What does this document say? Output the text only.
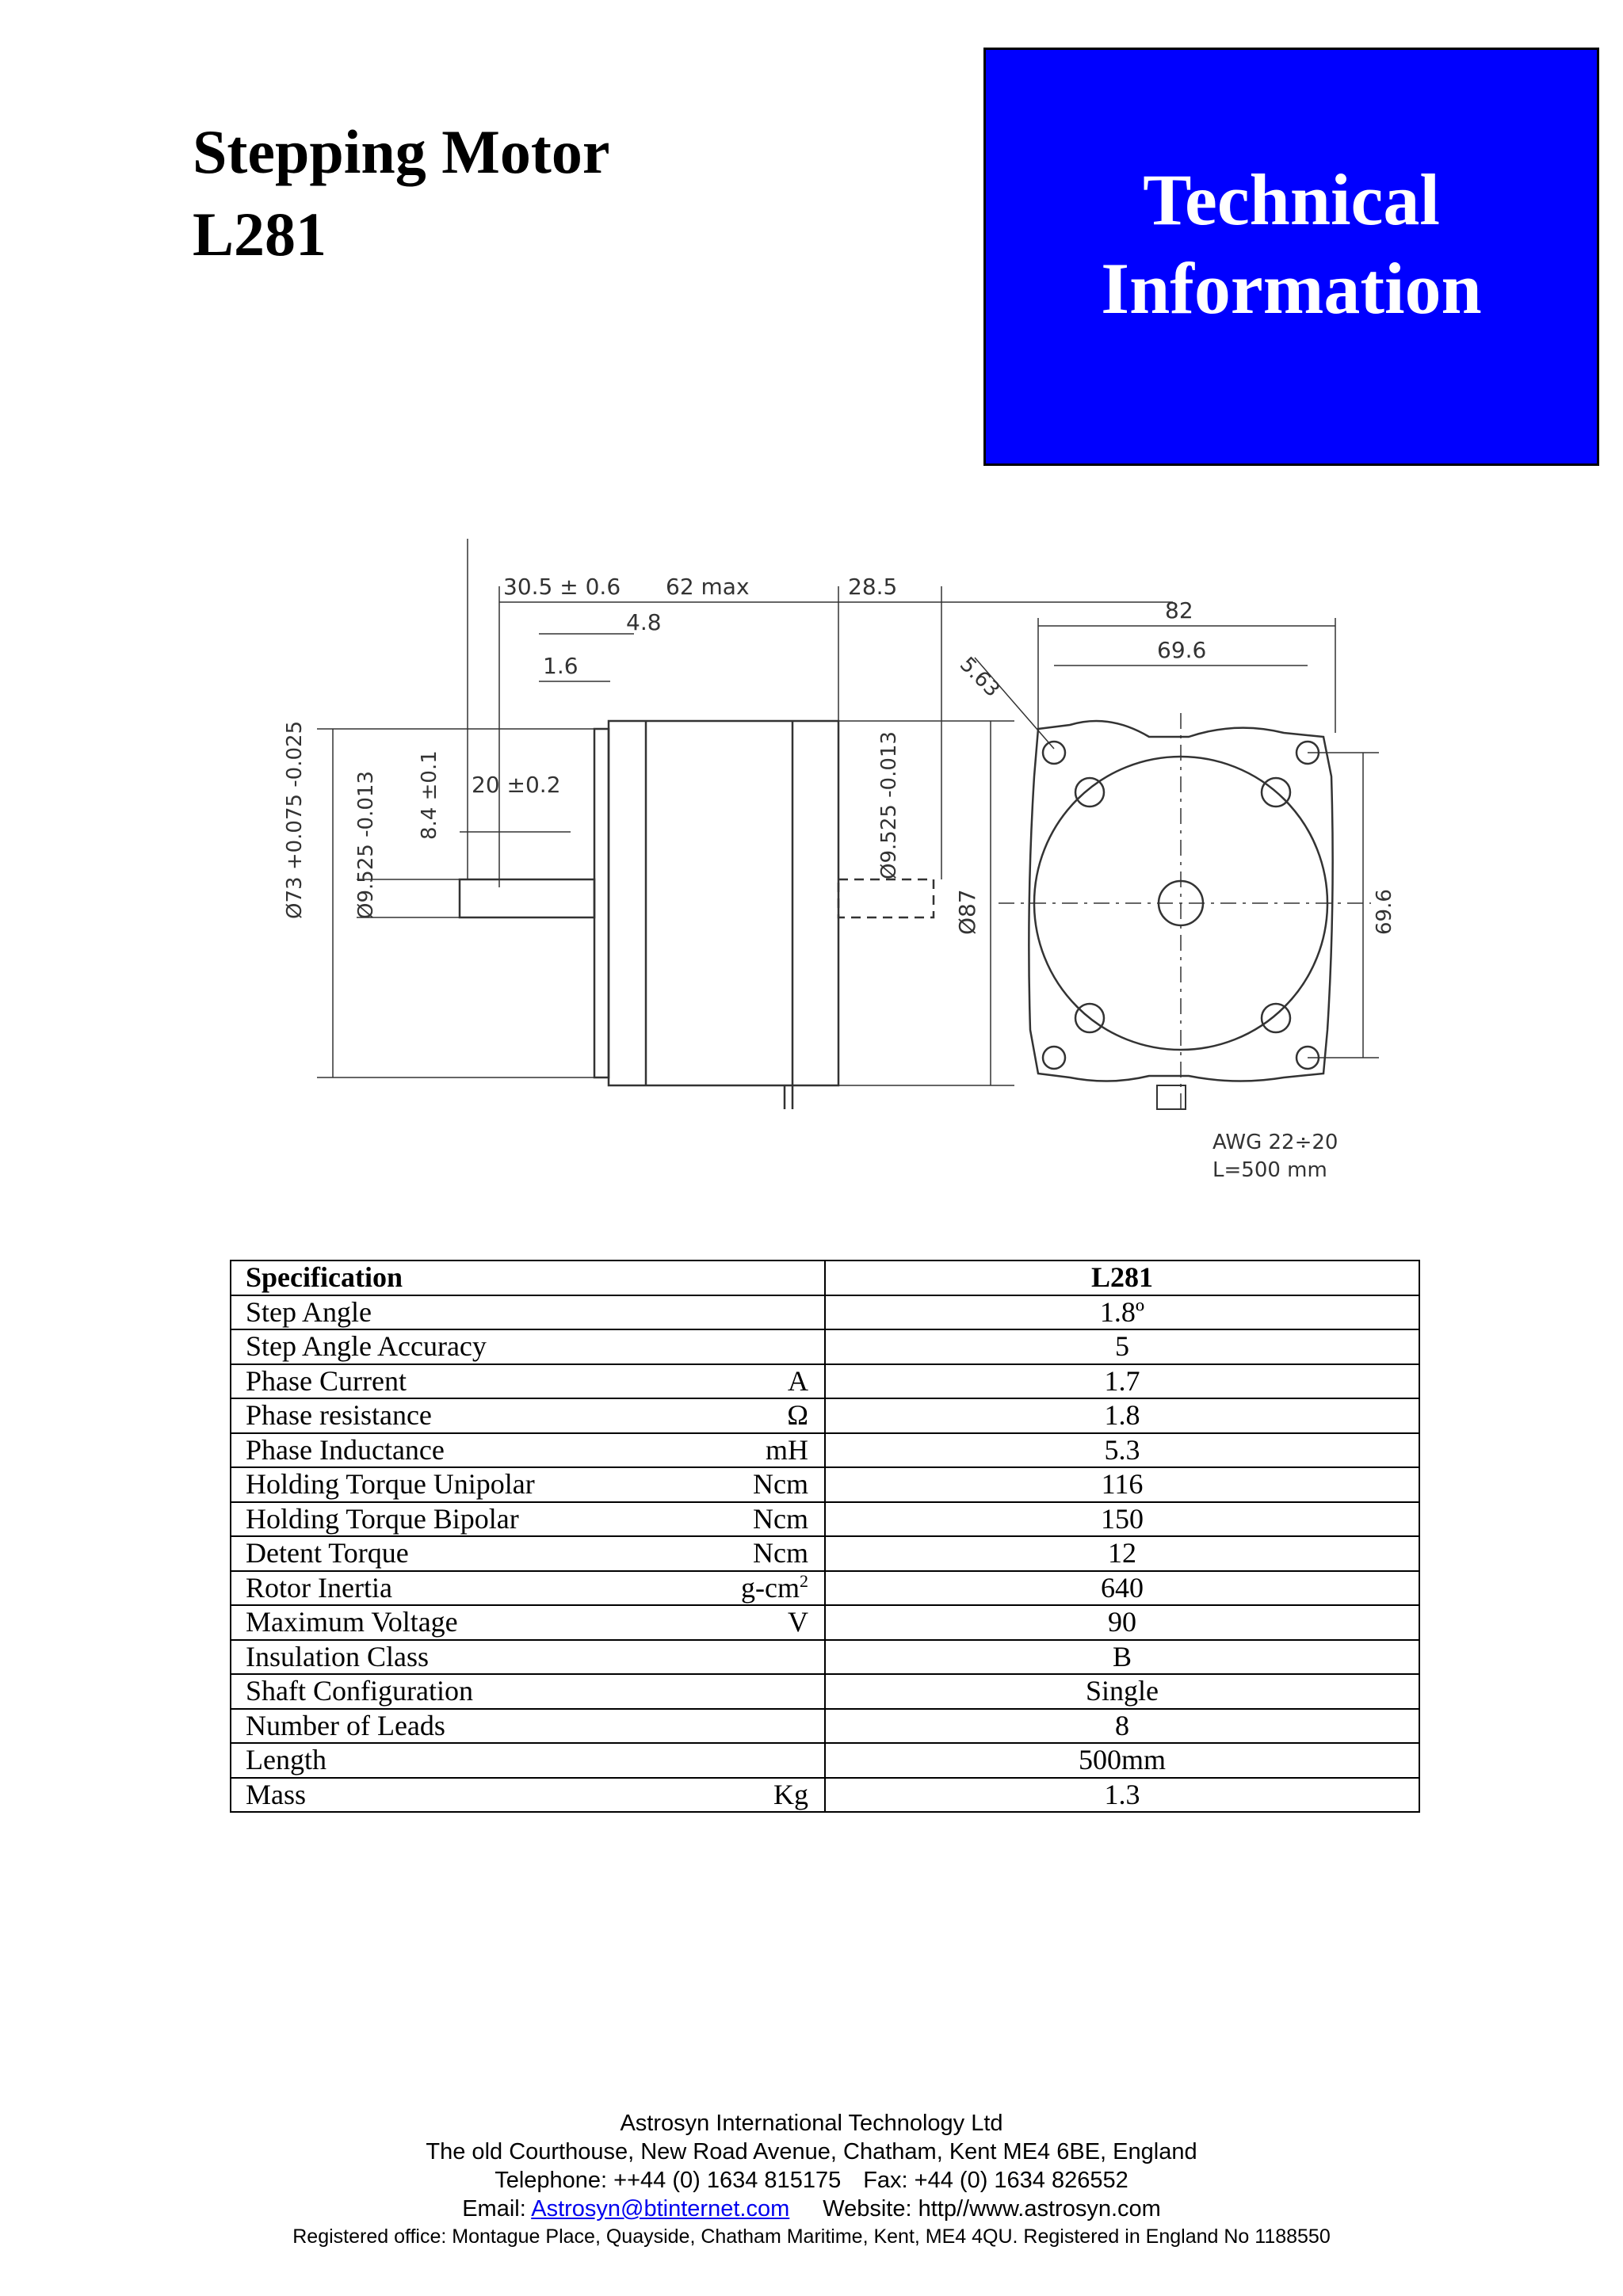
Stepping Motor
L281	Technical
Information
30.5 ± 0.6 62 max	28.5
4.8
1.6
20 ±0.2
8.4 ±0.1
Ø9.525 -0.013
Ø73 +0.075 -0.025	Ø9.525 -0.013
Ø87
82
69.6
5.63
69.6
AWG 22÷20
L=500 mm
Specification	L281

Step Angle	1.8º

Step Angle Accuracy	5

Phase Current A	1.7

Phase resistance Ω	1.8

Phase Inductance mH	5.3

Holding Torque Unipolar Ncm	116

Holding Torque Bipolar Ncm	150

Detent Torque Ncm	12

Rotor Inertia $g-cm^2$	640

Maximum Voltage V	90

Insulation Class	B

Shaft Configuration	Single

Number of Leads	8

Length	500mm

Mass Kg	1.3
Astrosyn International Technology Ltd
The old Courthouse, New Road Avenue, Chatham, Kent ME4 6BE, England
Telephone: ++44 (0) 1634 815175 Fax: +44 (0) 1634 826552
Email: Astrosyn@btinternet.com Website: http//www.astrosyn.com
Registered office: Montague Place, Quayside, Chatham Maritime, Kent, ME4 4QU. Registered in England No 1188550
